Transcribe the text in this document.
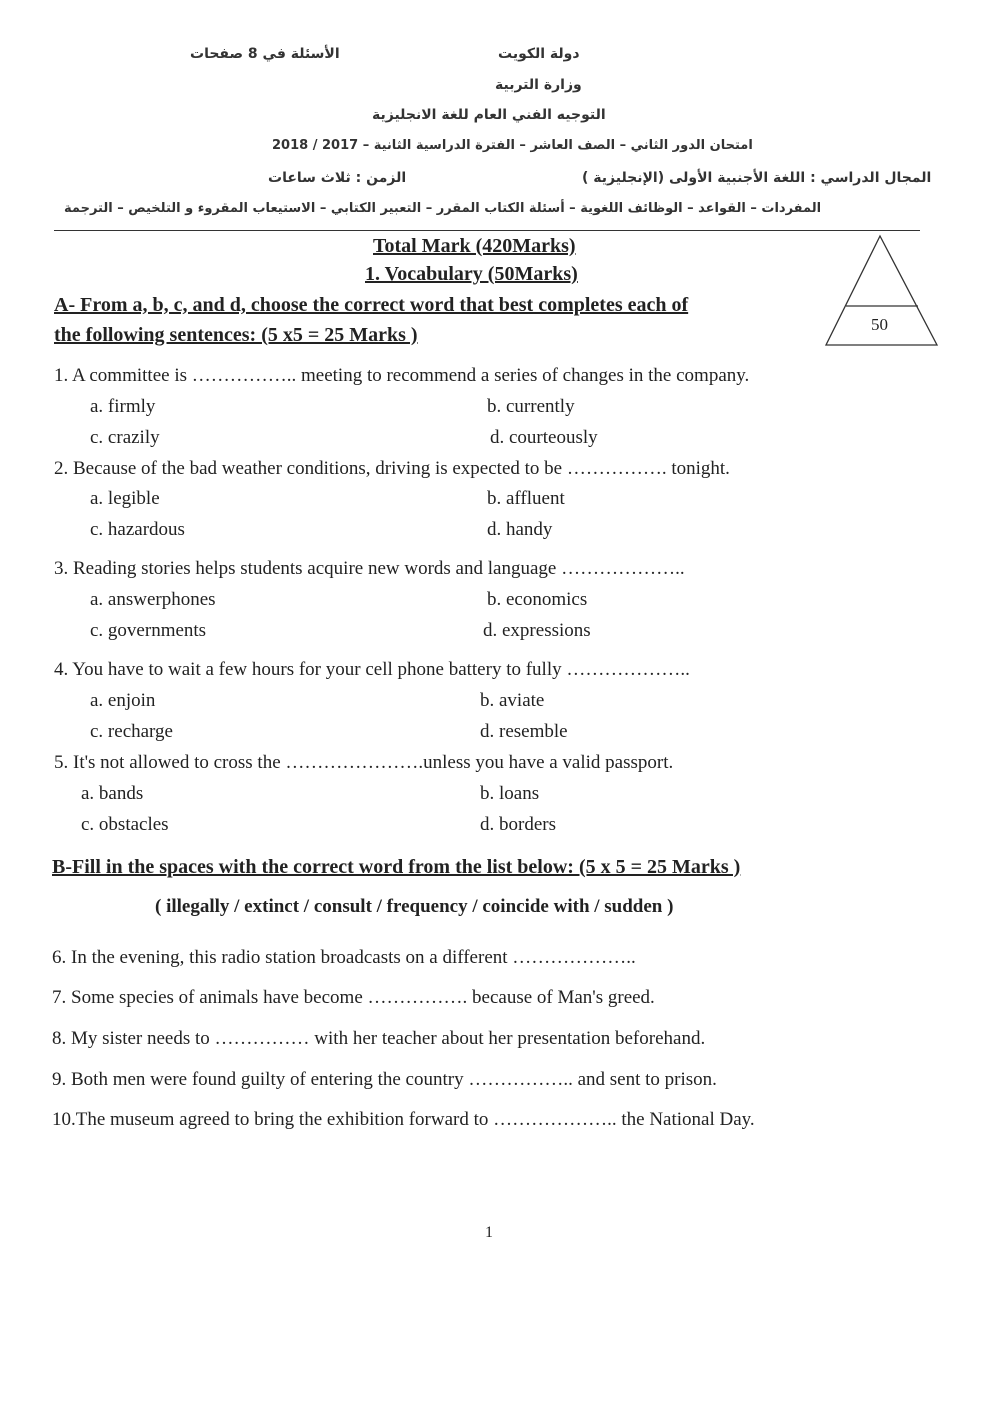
دولة الكويت
الأسئلة في 8 صفحات
وزارة التربية
التوجيه الفني العام للغة الانجليزية
امتحان الدور الثاني – الصف العاشر – الفترة الدراسية الثانية – 2017 / 2018
المجال الدراسي : اللغة الأجنبية الأولى (الإنجليزية )
الزمن : ثلاث ساعات
المفردات – القواعد – الوظائف اللغوية – أسئلة الكتاب المقرر – التعبير الكتابي – الاستيعاب المقروء و التلخيص – الترجمة
Total Mark (420Marks)
1. Vocabulary (50Marks)
50
A- From a, b, c, and d, choose the correct word that best completes each of
the following sentences: (5 x5 = 25 Marks )
1. A committee is …………….. meeting to recommend a series of changes in the company.
a. firmly	b. currently
c. crazily	d. courteously
2. Because of the bad weather conditions, driving is expected to be ……………. tonight.
a. legible	b. affluent
c. hazardous	d. handy
3. Reading stories helps students acquire new words and language ………………..
a. answerphones	b. economics
c. governments	d. expressions
4. You have to wait a few hours for your cell phone battery to fully ………………..
a. enjoin	b. aviate
c. recharge	d. resemble
5. It's not allowed to cross the ………………….unless you have a valid passport.
a. bands	b. loans
c. obstacles	d. borders
B-Fill in the spaces with the correct word from the list below: (5 x 5 = 25 Marks )
( illegally / extinct / consult / frequency / coincide with / sudden )
6. In the evening, this radio station broadcasts on a different ………………..
7. Some species of animals have become ……………. because of Man's greed.
8. My sister needs to …………… with her teacher about her presentation beforehand.
9. Both men were found guilty of entering the country …………….. and sent to prison.
10.The museum agreed to bring the exhibition forward to ……………….. the National Day.
1
